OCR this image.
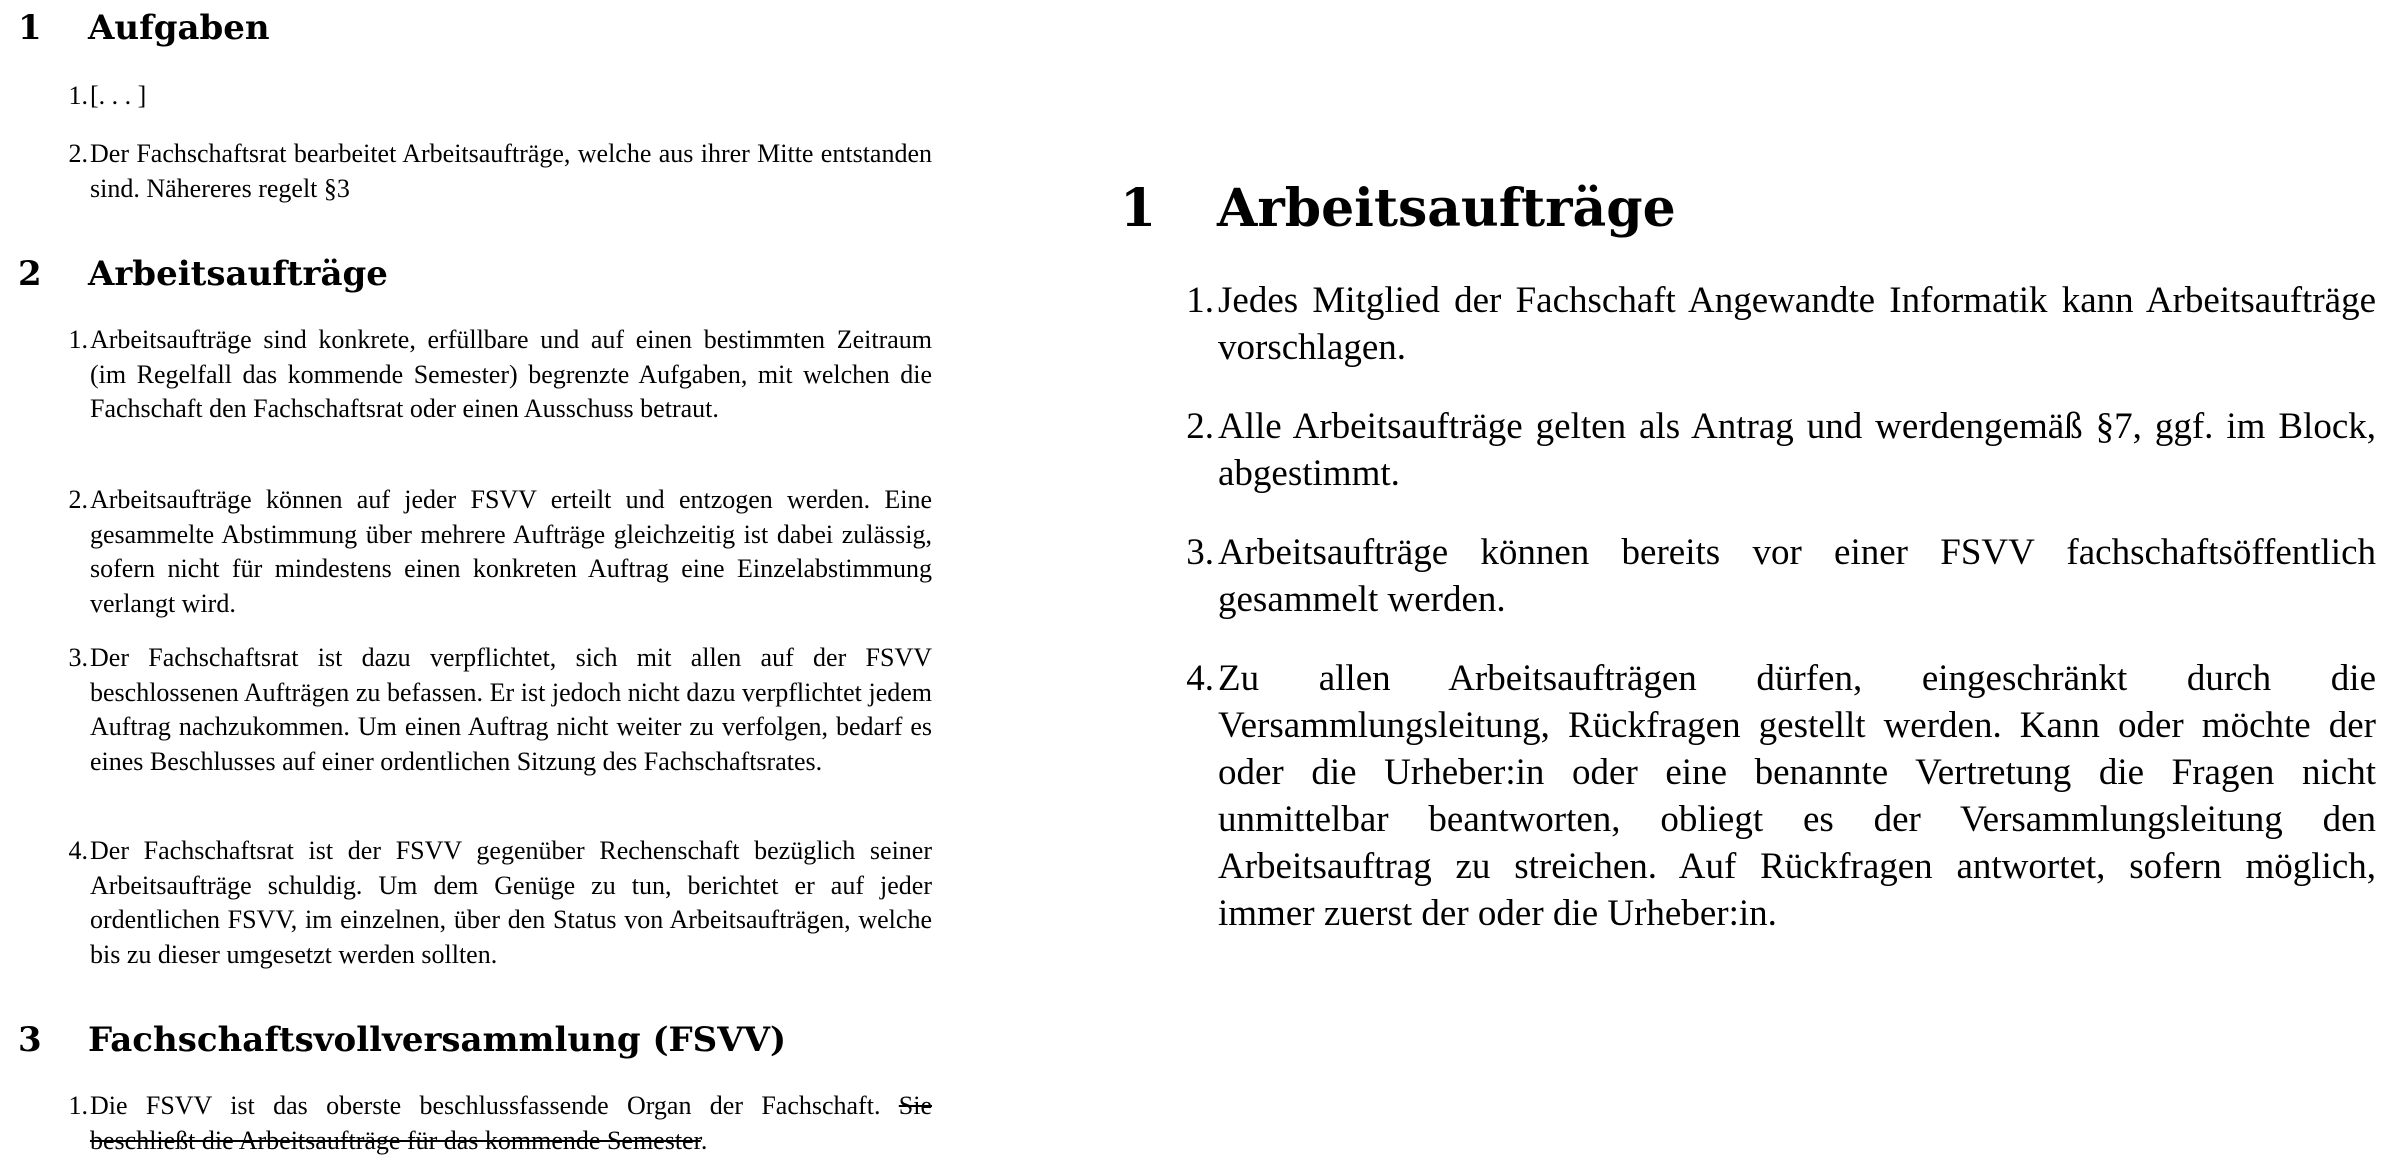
1 Aufgaben
1. [. . . ]
2. Der Fachschaftsrat bearbeitet Arbeitsaufträge, welche aus ihrer Mitte entstanden sind. Nähereres regelt §3
2 Arbeitsaufträge
1. Arbeitsaufträge sind konkrete, erfüllbare und auf einen bestimmten Zeitraum (im Regelfall das kommende Semester) begrenzte Aufgaben, mit welchen die Fachschaft den Fachschaftsrat oder einen Ausschuss betraut.
2. Arbeitsaufträge können auf jeder FSVV erteilt und entzogen werden. Eine gesammelte Abstimmung über mehrere Aufträge gleichzeitig ist dabei zulässig, sofern nicht für mindestens einen konkreten Auftrag eine Einzelabstimmung verlangt wird.
3. Der Fachschaftsrat ist dazu verpflichtet, sich mit allen auf der FSVV beschlossenen Aufträgen zu befassen. Er ist jedoch nicht dazu verpflichtet jedem Auftrag nachzukommen. Um einen Auftrag nicht weiter zu verfolgen, bedarf es eines Beschlusses auf einer ordentlichen Sitzung des Fachschaftsrates.
4. Der Fachschaftsrat ist der FSVV gegenüber Rechenschaft bezüglich seiner Arbeitsaufträge schuldig. Um dem Genüge zu tun, berichtet er auf jeder ordentlichen FSVV, im einzelnen, über den Status von Arbeitsaufträgen, welche bis zu dieser umgesetzt werden sollten.
3 Fachschaftsvollversammlung (FSVV)
1. Die FSVV ist das oberste beschlussfassende Organ der Fachschaft. Sie beschließt die Arbeitsaufträge für das kommende Semester.
1 Arbeitsaufträge
1. Jedes Mitglied der Fachschaft Angewandte Informatik kann Arbeitsaufträge vorschlagen.
2. Alle Arbeitsaufträge gelten als Antrag und werdengemäß §7, ggf. im Block, abgestimmt.
3. Arbeitsaufträge können bereits vor einer FSVV fachschaftsöffentlich gesammelt werden.
4. Zu allen Arbeitsaufträgen dürfen, eingeschränkt durch die Versammlungsleitung, Rückfragen gestellt werden. Kann oder möchte der oder die Urheber:in oder eine benannte Vertretung die Fragen nicht unmittelbar beantworten, obliegt es der Versammlungsleitung den Arbeitsauftrag zu streichen. Auf Rückfragen antwortet, sofern möglich, immer zuerst der oder die Urheber:in.
